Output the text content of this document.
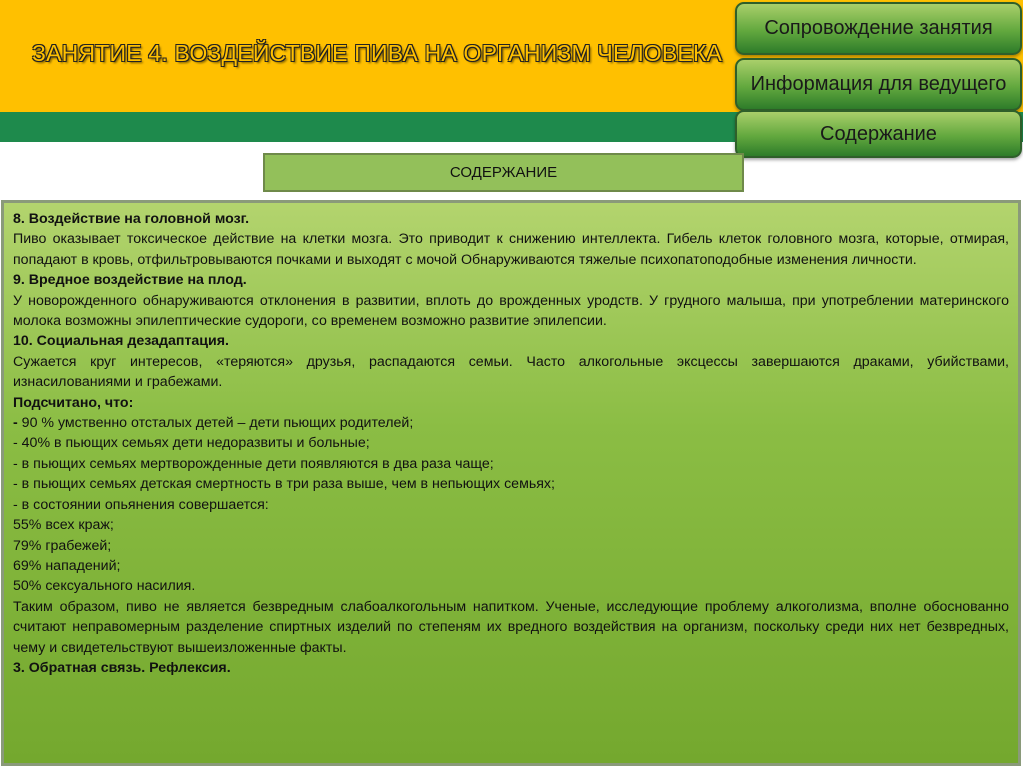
ЗАНЯТИЕ 4. ВОЗДЕЙСТВИЕ ПИВА НА ОРГАНИЗМ ЧЕЛОВЕКА
Сопровождение занятия
Информация для ведущего
Содержание
СОДЕРЖАНИЕ

8. Воздействие на головной мозг.

Пиво оказывает токсическое действие на клетки мозга. Это приводит к снижению интеллекта. Гибель клеток головного мозга, которые, отмирая, попадают в кровь, отфильтровываются почками и выходят с мочой Обнаруживаются тяжелые психопатоподобные изменения личности.

9. Вредное воздействие на плод.

У новорожденного обнаруживаются отклонения в развитии, вплоть до врожденных уродств. У грудного малыша, при употреблении материнского молока возможны эпилептические судороги, со временем возможно развитие эпилепсии.

10. Социальная дезадаптация.

Сужается круг интересов, «теряются» друзья, распадаются семьи. Часто алкогольные эксцессы завершаются драками, убийствами, изнасилованиями и грабежами.

Подсчитано, что:

- 90 % умственно отсталых детей – дети пьющих родителей;

- 40% в пьющих семьях дети недоразвиты и больные;

- в пьющих семьях мертворожденные дети появляются в два раза чаще;

- в пьющих семьях детская смертность в три раза выше, чем в непьющих семьях;

- в состоянии опьянения совершается:

55% всех краж;

79% грабежей;

69% нападений;

50% сексуального насилия.

Таким образом, пиво не является безвредным слабоалкогольным напитком. Ученые, исследующие проблему алкоголизма, вполне обоснованно считают неправомерным разделение спиртных изделий по степеням их вредного воздействия на организм, поскольку среди них нет безвредных, чему и свидетельствуют вышеизложенные факты.

3. Обратная связь. Рефлексия.
